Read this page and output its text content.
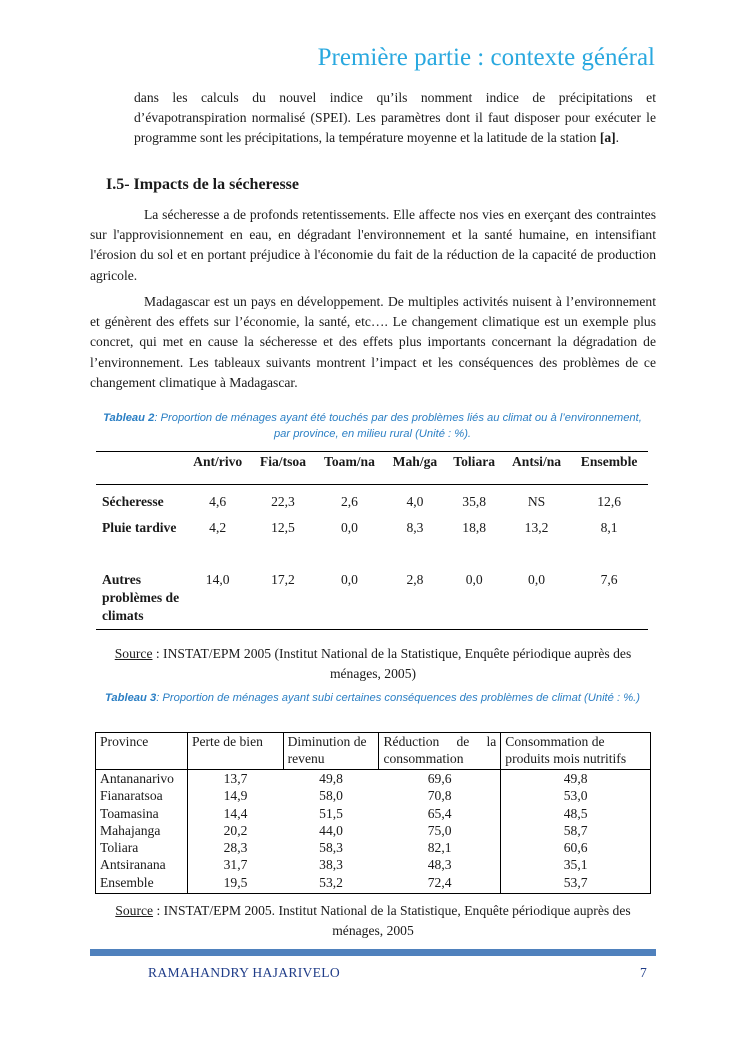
Première partie : contexte général

dans les calculs du nouvel indice qu’ils nomment indice de précipitations et d’évapotranspiration normalisé (SPEI). Les paramètres dont il faut disposer pour exécuter le programme sont les précipitations, la température moyenne et la latitude de la station [a].

I.5- Impacts de la sécheresse

La sécheresse a de profonds retentissements. Elle affecte nos vies en exerçant des contraintes sur l'approvisionnement en eau, en dégradant l'environnement et la santé humaine, en intensifiant l'érosion du sol et en portant préjudice à l'économie du fait de la réduction de la capacité de production agricole.

Madagascar est un pays en développement. De multiples activités nuisent à l’environnement et génèrent des effets sur l’économie, la santé, etc…. Le changement climatique est un exemple plus concret, qui met en cause la sécheresse et des effets plus importants concernant la dégradation de l’environnement. Les tableaux suivants montrent l’impact et les conséquences des problèmes de ce changement climatique à Madagascar.

Tableau 2: Proportion de ménages ayant été touchés par des problèmes liés au climat ou à l’environnement, par province, en milieu rural (Unité : %).
	Ant/rivo	Fia/tsoa	Toam/na	Mah/ga	Toliara	Antsi/na	Ensemble
Sécheresse	4,6	22,3	2,6	4,0	35,8	NS	12,6
Pluie tardive	4,2	12,5	0,0	8,3	18,8	13,2	8,1
Autres problèmes de climats	14,0	17,2	0,0	2,8	0,0	0,0	7,6
Source : INSTAT/EPM 2005 (Institut National de la Statistique, Enquête périodique auprès des ménages, 2005)
Tableau 3: Proportion de ménages ayant subi certaines conséquences des problèmes de climat (Unité : %.)
Province	Perte de bien	Diminution de revenu	Réduction de la consommation	Consommation de produits mois nutritifs
Antananarivo	13,7	49,8	69,6	49,8
Fianaratsoa	14,9	58,0	70,8	53,0
Toamasina	14,4	51,5	65,4	48,5
Mahajanga	20,2	44,0	75,0	58,7
Toliara	28,3	58,3	82,1	60,6
Antsiranana	31,7	38,3	48,3	35,1
Ensemble	19,5	53,2	72,4	53,7
Source : INSTAT/EPM 2005. Institut National de la Statistique, Enquête périodique auprès des ménages, 2005
RAMAHANDRY HAJARIVELO	7
